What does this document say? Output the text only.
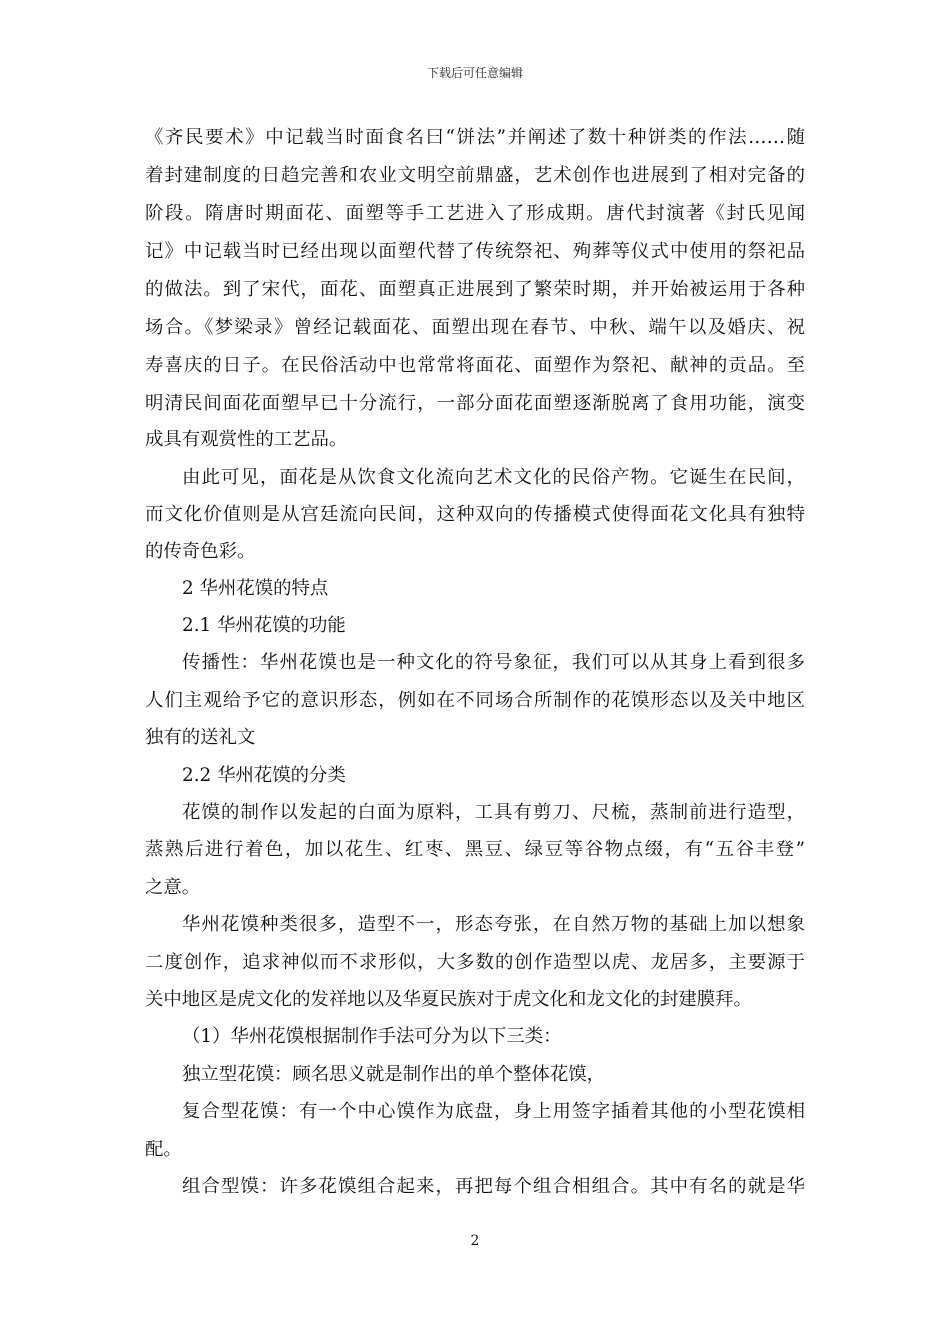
下载后可任意编辑
《齐民要术》中记载当时面食名曰“饼法”并阐述了数十种饼类的作法……随
着封建制度的日趋完善和农业文明空前鼎盛，艺术创作也进展到了相对完备的
阶段。隋唐时期面花、面塑等手工艺进入了形成期。唐代封演著《封氏见闻
记》中记载当时已经出现以面塑代替了传统祭祀、殉葬等仪式中使用的祭祀品
的做法。到了宋代，面花、面塑真正进展到了繁荣时期，并开始被运用于各种
场合。《梦梁录》曾经记载面花、面塑出现在春节、中秋、端午以及婚庆、祝
寿喜庆的日子。在民俗活动中也常常将面花、面塑作为祭祀、献神的贡品。至
明清民间面花面塑早已十分流行，一部分面花面塑逐渐脱离了食用功能，演变
成具有观赏性的工艺品。
由此可见，面花是从饮食文化流向艺术文化的民俗产物。它诞生在民间，
而文化价值则是从宫廷流向民间，这种双向的传播模式使得面花文化具有独特
的传奇色彩。
2 华州花馍的特点
2.1 华州花馍的功能
传播性：华州花馍也是一种文化的符号象征，我们可以从其身上看到很多
人们主观给予它的意识形态，例如在不同场合所制作的花馍形态以及关中地区
独有的送礼文
2.2 华州花馍的分类
花馍的制作以发起的白面为原料，工具有剪刀、尺梳，蒸制前进行造型，
蒸熟后进行着色，加以花生、红枣、黑豆、绿豆等谷物点缀，有“五谷丰登”
之意。
华州花馍种类很多，造型不一，形态夸张，在自然万物的基础上加以想象
二度创作，追求神似而不求形似，大多数的创作造型以虎、龙居多，主要源于
关中地区是虎文化的发祥地以及华夏民族对于虎文化和龙文化的封建膜拜。
（1）华州花馍根据制作手法可分为以下三类：
独立型花馍：顾名思义就是制作出的单个整体花馍，
复合型花馍：有一个中心馍作为底盘，身上用签字插着其他的小型花馍相
配。
组合型馍：许多花馍组合起来，再把每个组合相组合。其中有名的就是华
2
